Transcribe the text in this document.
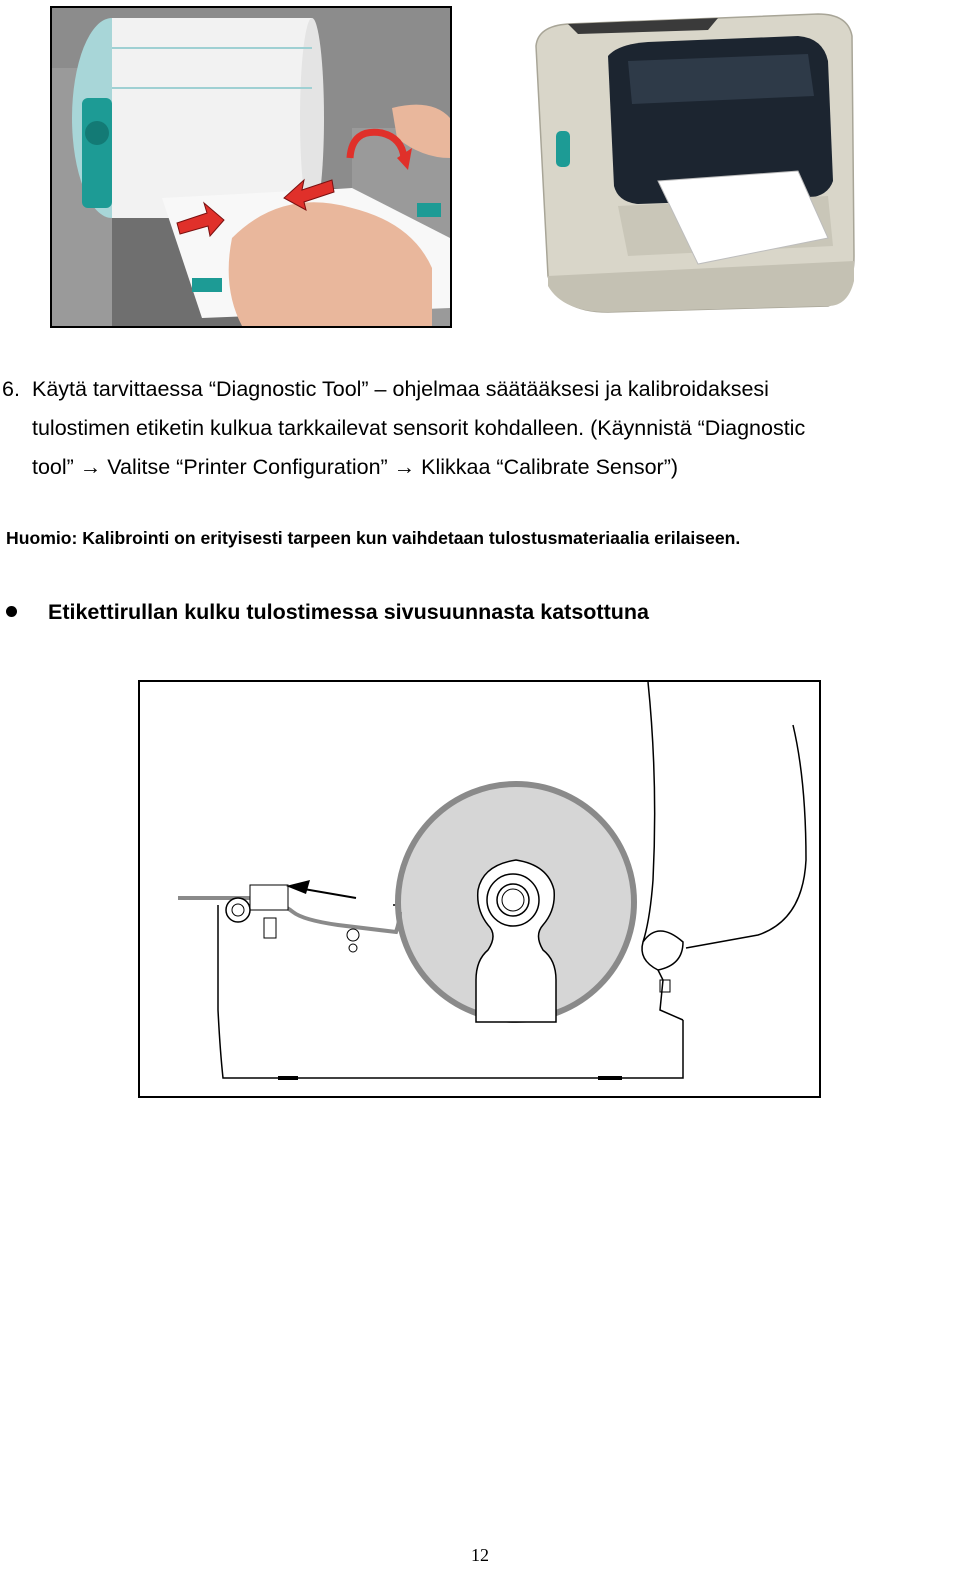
6. Käytä tarvittaessa “Diagnostic Tool” – ohjelmaa säätääksesi ja kalibroidaksesi
tulostimen etiketin kulkua tarkkailevat sensorit kohdalleen. (Käynnistä “Diagnostic
tool” → Valitse “Printer Configuration” → Klikkaa “Calibrate Sensor”)
Huomio: Kalibrointi on erityisesti tarpeen kun vaihdetaan tulostusmateriaalia erilaiseen.
Etikettirullan kulku tulostimessa sivusuunnasta katsottuna
12
